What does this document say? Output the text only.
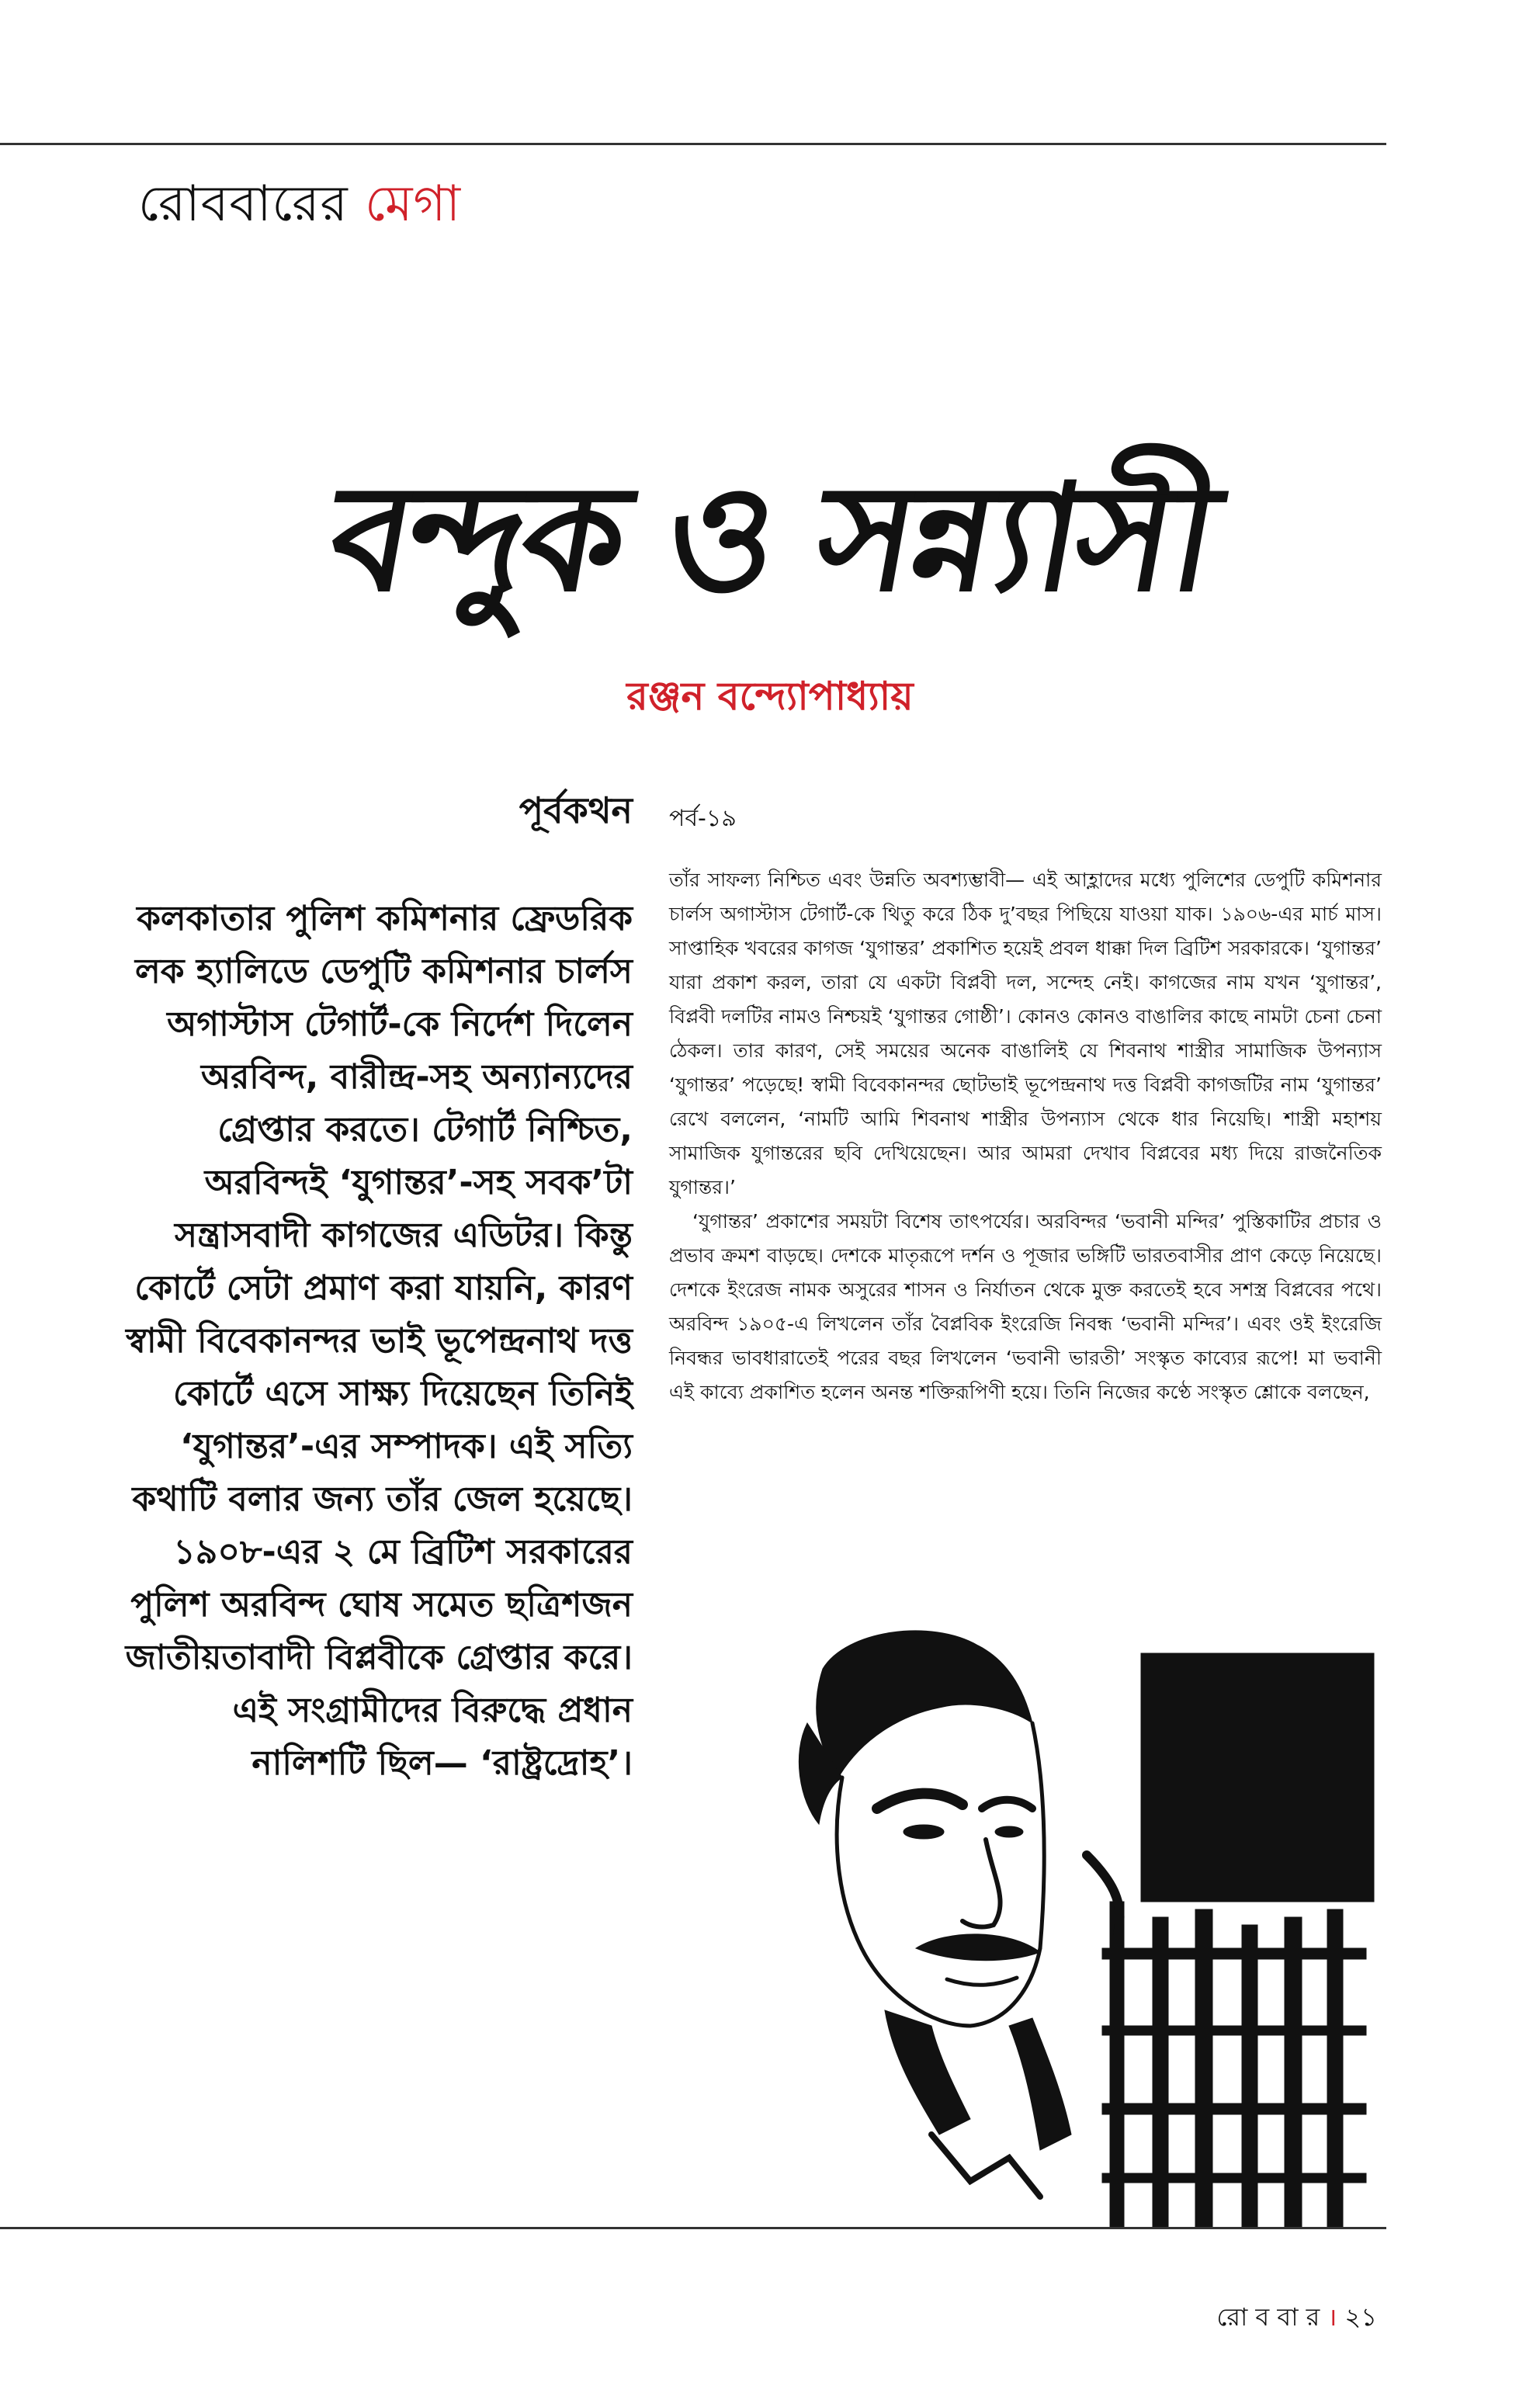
রোববারের মেগা
বন্দুক ও সন্ন্যাসী
রঞ্জন বন্দ্যোপাধ্যায়
পূর্বকথন পর্ব-১৯

কলকাতার পুলিশ কমিশনার ফ্রেডরিক লক হ্যালিডে ডেপুটি কমিশনার চার্লস অগাস্টাস টেগার্ট-কে নির্দেশ দিলেন অরবিন্দ, বারীন্দ্র-সহ অন্যান্যদের গ্রেপ্তার করতে। টেগার্ট নিশ্চিত, অরবিন্দই ‘যুগান্তর’-সহ সবক’টা সন্ত্রাসবাদী কাগজের এডিটর। কিন্তু কোর্টে সেটা প্রমাণ করা যায়নি, কারণ স্বামী বিবেকানন্দর ভাই ভূপেন্দ্রনাথ দত্ত কোর্টে এসে সাক্ষ্য দিয়েছেন তিনিই ‘যুগান্তর’-এর সম্পাদক। এই সত্যি কথাটি বলার জন্য তাঁর জেল হয়েছে। ১৯০৮-এর ২ মে ব্রিটিশ সরকারের পুলিশ অরবিন্দ ঘোষ সমেত ছত্রিশজন জাতীয়তাবাদী বিপ্লবীকে গ্রেপ্তার করে। এই সংগ্রামীদের বিরুদ্ধে প্রধান নালিশটি ছিল— ‘রাষ্ট্রদ্রোহ’।

তাঁর সাফল্য নিশ্চিত এবং উন্নতি অবশ্যম্ভাবী— এই আহ্লাদের মধ্যে পুলিশের ডেপুটি কমিশনার চার্লস অগাস্টাস টেগার্ট-কে থিতু করে ঠিক দু’বছর পিছিয়ে যাওয়া যাক। ১৯০৬-এর মার্চ মাস। সাপ্তাহিক খবরের কাগজ ‘যুগান্তর’ প্রকাশিত হয়েই প্রবল ধাক্কা দিল ব্রিটিশ সরকারকে। ‘যুগান্তর’ যারা প্রকাশ করল, তারা যে একটা বিপ্লবী দল, সন্দেহ নেই। কাগজের নাম যখন ‘যুগান্তর’, বিপ্লবী দলটির নামও নিশ্চয়ই ‘যুগান্তর গোষ্ঠী’। কোনও কোনও বাঙালির কাছে নামটা চেনা চেনা ঠেকল। তার কারণ, সেই সময়ের অনেক বাঙালিই যে শিবনাথ শাস্ত্রীর সামাজিক উপন্যাস ‘যুগান্তর’ পড়েছে! স্বামী বিবেকানন্দর ছোটভাই ভূপেন্দ্রনাথ দত্ত বিপ্লবী কাগজটির নাম ‘যুগান্তর’ রেখে বললেন, ‘নামটি আমি শিবনাথ শাস্ত্রীর উপন্যাস থেকে ধার নিয়েছি। শাস্ত্রী মহাশয় সামাজিক যুগান্তরের ছবি দেখিয়েছেন। আর আমরা দেখাব বিপ্লবের মধ্য দিয়ে রাজনৈতিক যুগান্তর।’

‘যুগান্তর’ প্রকাশের সময়টা বিশেষ তাৎপর্যের। অরবিন্দর ‘ভবানী মন্দির’ পুস্তিকাটির প্রচার ও প্রভাব ক্রমশ বাড়ছে। দেশকে মাতৃরূপে দর্শন ও পূজার ভঙ্গিটি ভারতবাসীর প্রাণ কেড়ে নিয়েছে। দেশকে ইংরেজ নামক অসুরের শাসন ও নির্যাতন থেকে মুক্ত করতেই হবে সশস্ত্র বিপ্লবের পথে। অরবিন্দ ১৯০৫-এ লিখলেন তাঁর বৈপ্লবিক ইংরেজি নিবন্ধ ‘ভবানী মন্দির’। এবং ওই ইংরেজি নিবন্ধর ভাবধারাতেই পরের বছর লিখলেন ‘ভবানী ভারতী’ সংস্কৃত কাব্যের রূপে! মা ভবানী এই কাব্যে প্রকাশিত হলেন অনন্ত শক্তিরূপিণী হয়ে। তিনি নিজের কণ্ঠে সংস্কৃত শ্লোকে বলছেন,

রো ব বা র । ২১
